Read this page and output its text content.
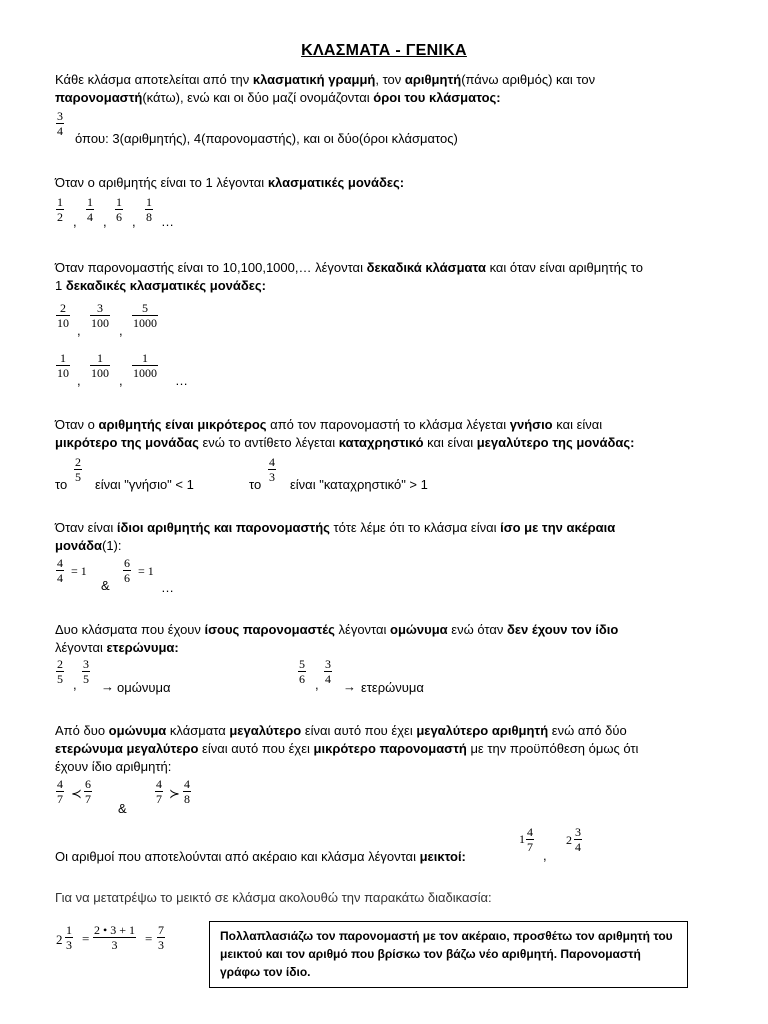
ΚΛΑΣΜΑΤΑ - ΓΕΝΙΚΑ
Κάθε κλάσμα αποτελείται από την κλασματική γραμμή, τον αριθμητή(πάνω αριθμός) και τον
παρονομαστή(κάτω), ενώ και οι δύο μαζί ονομάζονται όροι του κλάσματος:
$\frac{3}{4}$
όπου: 3(αριθμητής), 4(παρονομαστής), και οι δύο(όροι κλάσματος)
Όταν ο αριθμητής είναι το 1 λέγονται κλασματικές μονάδες:
$\frac{1}{2}$ , $\frac{1}{4}$ , $\frac{1}{6}$ , $\frac{1}{8}$ …
Όταν παρονομαστής είναι το 10,100,1000,… λέγονται δεκαδικά κλάσματα και όταν είναι αριθμητής το
1 δεκαδικές κλασματικές μονάδες:
$\frac{2}{10}$
,
$\frac{3}{100}$
,
$\frac{5}{1000}$
$\frac{1}{10}$
,
$\frac{1}{100}$
,
$\frac{1}{1000}$
…
Όταν ο αριθμητής είναι μικρότερος από τον παρονομαστή το κλάσμα λέγεται γνήσιο και είναι
μικρότερο της μονάδας ενώ το αντίθετο λέγεται καταχρηστικό και είναι μεγαλύτερο της μονάδας:
το
$\frac{2}{5}$
είναι "γνήσιο" < 1	το
$\frac{4}{3}$
είναι "καταχρηστικό" > 1
Όταν είναι ίδιοι αριθμητής και παρονομαστής τότε λέμε ότι το κλάσμα είναι ίσο με την ακέραια
μονάδα(1):
$\frac{4}{4} = 1$
&
$\frac{6}{6} = 1$
…
Δυο κλάσματα που έχουν ίσους παρονομαστές λέγονται ομώνυμα ενώ όταν δεν έχουν τον ίδιο
λέγονται ετερώνυμα:
$\frac{2}{5}$ , $\frac{3}{5}$
→ ομώνυμα
$\frac{5}{6}$ , $\frac{3}{4}$
→ ετερώνυμα
Από δυο ομώνυμα κλάσματα μεγαλύτερο είναι αυτό που έχει μεγαλύτερο αριθμητή ενώ από δύο
ετερώνυμα μεγαλύτερο είναι αυτό που έχει μικρότερο παρονομαστή με την προϋπόθεση όμως ότι
έχουν ίδιο αριθμητή:
$\frac{4}{7}$ ≺ $\frac{6}{7}$
&
$\frac{4}{7}$ ≻ $\frac{4}{8}$
Οι αριθμοί που αποτελούνται από ακέραιο και κλάσμα λέγονται μεικτοί:
$1 \frac{4}{7}$
,
$2 \frac{3}{4}$
Για να μετατρέψω το μεικτό σε κλάσμα ακολουθώ την παρακάτω διαδικασία:
$2 \frac{1}{3} = \frac{2 • 3 + 1}{3} = \frac{7}{3}$	Πολλαπλασιάζω τον παρονομαστή με τον ακέραιο, προσθέτω τον αριθμητή του μεικτού και τον αριθμό που βρίσκω τον βάζω νέο αριθμητή. Παρονομαστή γράφω τον ίδιο.
